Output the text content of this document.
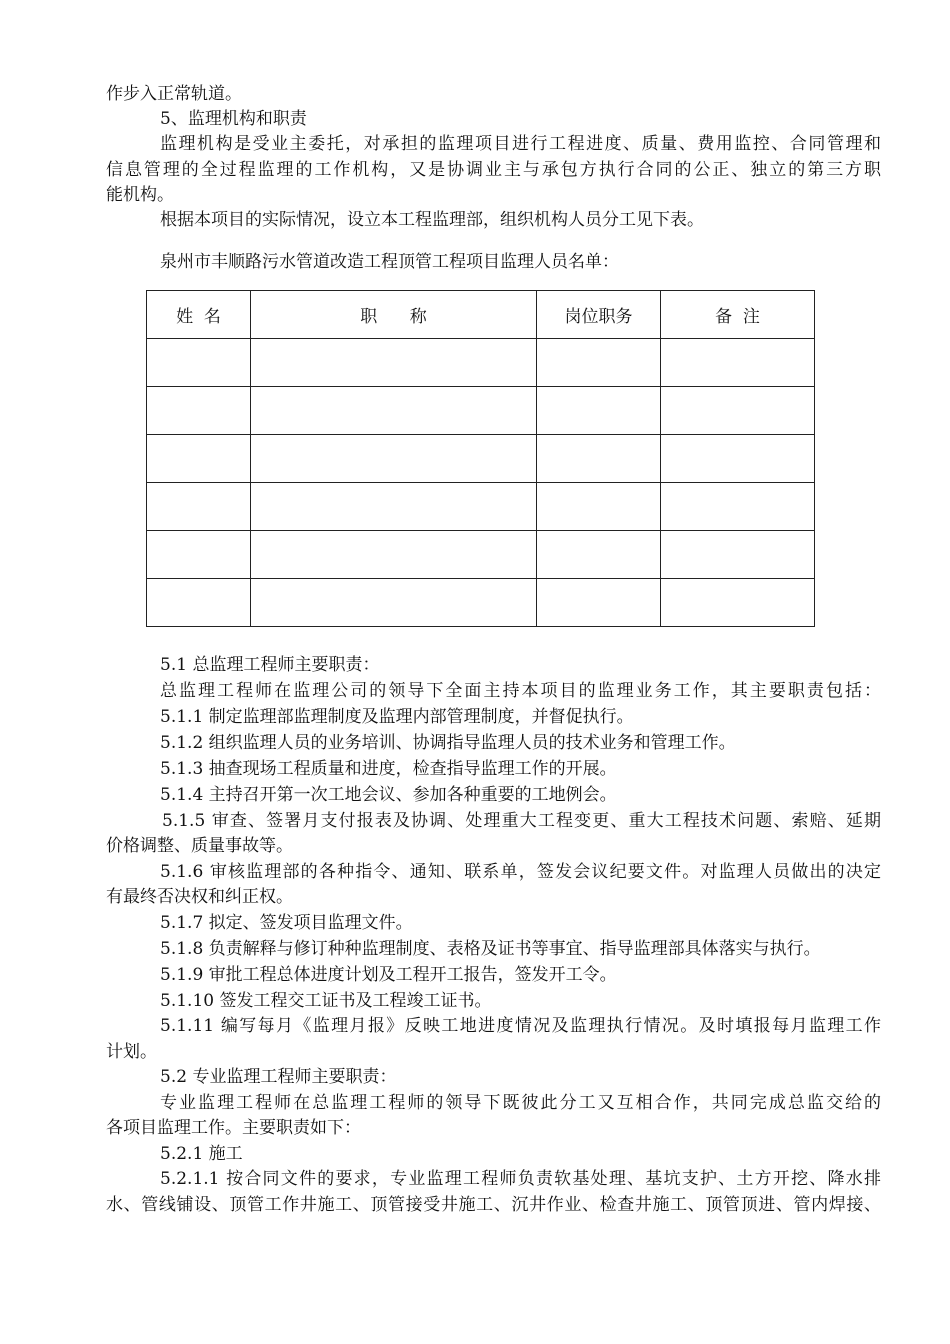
作步入正常轨道。
5、监理机构和职责
监理机构是受业主委托，对承担的监理项目进行工程进度、质量、费用监控、合同管理和
信息管理的全过程监理的工作机构，又是协调业主与承包方执行合同的公正、独立的第三方职
能机构。
根据本项目的实际情况，设立本工程监理部，组织机构人员分工见下表。
泉州市丰顺路污水管道改造工程顶管工程项目监理人员名单：
姓  名	职      称	岗位职务	备  注

5.1 总监理工程师主要职责：
总监理工程师在监理公司的领导下全面主持本项目的监理业务工作，其主要职责包括：
5.1.1 制定监理部监理制度及监理内部管理制度，并督促执行。
5.1.2 组织监理人员的业务培训、协调指导监理人员的技术业务和管理工作。
5.1.3 抽查现场工程质量和进度，检查指导监理工作的开展。
5.1.4 主持召开第一次工地会议、参加各种重要的工地例会。
5.1.5 审查、签署月支付报表及协调、处理重大工程变更、重大工程技术问题、索赔、延期
价格调整、质量事故等。
5.1.6 审核监理部的各种指令、通知、联系单，签发会议纪要文件。对监理人员做出的决定
有最终否决权和纠正权。
5.1.7 拟定、签发项目监理文件。
5.1.8 负责解释与修订种种监理制度、表格及证书等事宜、指导监理部具体落实与执行。
5.1.9 审批工程总体进度计划及工程开工报告，签发开工令。
5.1.10 签发工程交工证书及工程竣工证书。
5.1.11 编写每月《监理月报》反映工地进度情况及监理执行情况。及时填报每月监理工作
计划。
5.2 专业监理工程师主要职责：
专业监理工程师在总监理工程师的领导下既彼此分工又互相合作，共同完成总监交给的
各项目监理工作。主要职责如下：
5.2.1 施工
5.2.1.1 按合同文件的要求，专业监理工程师负责软基处理、基坑支护、土方开挖、降水排
水、管线铺设、顶管工作井施工、顶管接受井施工、沉井作业、检查井施工、顶管顶进、管内焊接、
